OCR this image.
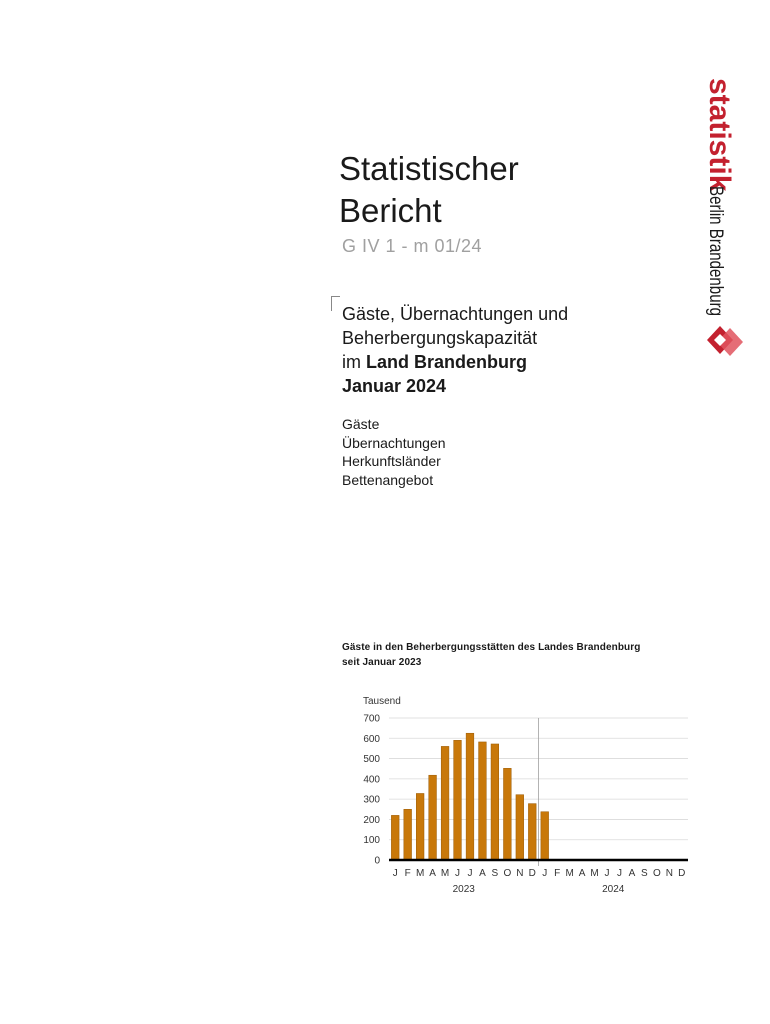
statistik
Berlin Brandenburg
Statistischer
Bericht
G IV 1 - m 01/24
Gäste, Übernachtungen und
Beherbergungskapazität
im Land Brandenburg
Januar 2024
Gäste
Übernachtungen
Herkunftsländer
Bettenangebot
Gäste in den Beherbergungsstätten des Landes Brandenburg
seit Januar 2023
Tausend
0
100
200
300
400
500
600
700
J F M A M J J A S O N D J F M A M J J A S O N D
2023	2024
